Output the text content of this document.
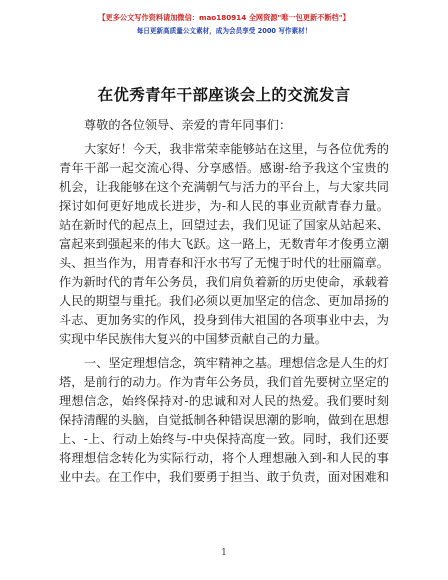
【更多公文写作资料请加微信：mao180914 全网资源"唯一包更新不断档"】
每日更新高质量公文素材，成为会员享受 2000 写作素材！
在优秀青年干部座谈会上的交流发言
尊敬的各位领导、亲爱的青年同事们：
大家好！今天，我非常荣幸能够站在这里，与各位优秀的
青年干部一起交流心得、分享感悟。感谢-给予我这个宝贵的
机会，让我能够在这个充满朝气与活力的平台上，与大家共同
探讨如何更好地成长进步，为-和人民的事业贡献青春力量。
站在新时代的起点上，回望过去，我们见证了国家从站起来、
富起来到强起来的伟大飞跃。这一路上，无数青年才俊勇立潮
头、担当作为，用青春和汗水书写了无愧于时代的壮丽篇章。
作为新时代的青年公务员，我们肩负着新的历史使命，承载着
人民的期望与重托。我们必须以更加坚定的信念、更加昂扬的
斗志、更加务实的作风，投身到伟大祖国的各项事业中去，为
实现中华民族伟大复兴的中国梦贡献自己的力量。
一、坚定理想信念，筑牢精神之基。理想信念是人生的灯
塔，是前行的动力。作为青年公务员，我们首先要树立坚定的
理想信念，始终保持对-的忠诚和对人民的热爱。我们要时刻
保持清醒的头脑，自觉抵制各种错误思潮的影响，做到在思想
上、-上、行动上始终与-中央保持高度一致。同时，我们还要
将理想信念转化为实际行动，将个人理想融入到-和人民的事
业中去。在工作中，我们要勇于担当、敢于负责，面对困难和
1
